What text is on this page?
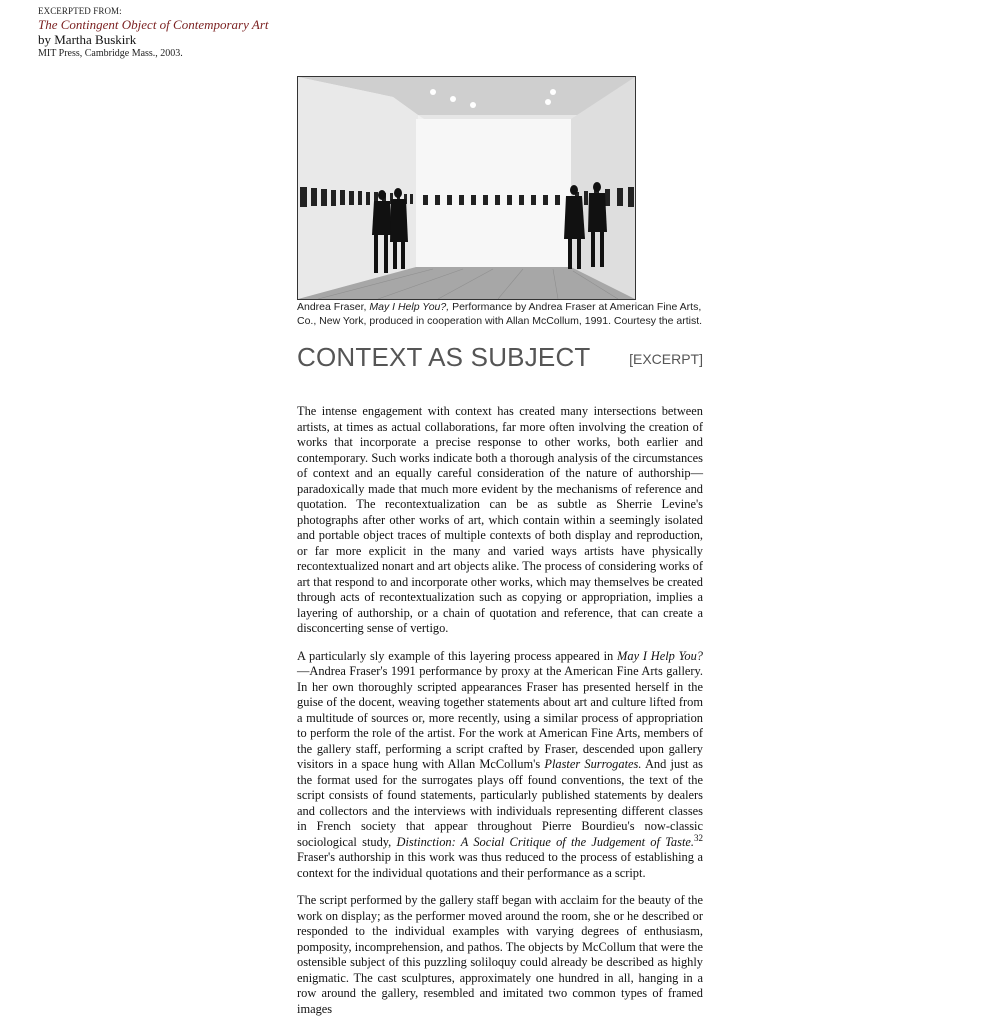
EXCERPTED FROM:
The Contingent Object of Contemporary Art
by Martha Buskirk
MIT Press, Cambridge Mass., 2003.
Andrea Fraser, May I Help You?, Performance by Andrea Fraser at American Fine Arts, Co., New York, produced in cooperation with Allan McCollum, 1991. Courtesy the artist.
CONTEXT AS SUBJECT	[EXCERPT]

The intense engagement with context has created many intersections between artists, at times as actual collaborations, far more often involving the creation of works that incorporate a precise response to other works, both earlier and contemporary. Such works indicate both a thorough analysis of the circumstances of context and an equally careful consideration of the nature of authorship—paradoxically made that much more evident by the mechanisms of reference and quotation. The recontextualization can be as subtle as Sherrie Levine's photographs after other works of art, which contain within a seemingly isolated and portable object traces of multiple contexts of both display and reproduction, or far more explicit in the many and varied ways artists have physically recontextualized nonart and art objects alike. The process of considering works of art that respond to and incorporate other works, which may themselves be created through acts of recontextualization such as copying or appropriation, implies a layering of authorship, or a chain of quotation and reference, that can create a disconcerting sense of vertigo.

A particularly sly example of this layering process appeared in May I Help You? —Andrea Fraser's 1991 performance by proxy at the American Fine Arts gallery. In her own thoroughly scripted appearances Fraser has presented herself in the guise of the docent, weaving together statements about art and culture lifted from a multitude of sources or, more recently, using a similar process of appropriation to perform the role of the artist. For the work at American Fine Arts, members of the gallery staff, performing a script crafted by Fraser, descended upon gallery visitors in a space hung with Allan McCollum's Plaster Surrogates. And just as the format used for the surrogates plays off found conventions, the text of the script consists of found statements, particularly published statements by dealers and collectors and the interviews with individuals representing different classes in French society that appear throughout Pierre Bourdieu's now-classic sociological study, Distinction: A Social Critique of the Judgement of Taste.$^{32}$ Fraser's authorship in this work was thus reduced to the process of establishing a context for the individual quotations and their performance as a script.

The script performed by the gallery staff began with acclaim for the beauty of the work on display; as the performer moved around the room, she or he described or responded to the individual examples with varying degrees of enthusiasm, pomposity, incomprehension, and pathos. The objects by McCollum that were the ostensible subject of this puzzling soliloquy could already be described as highly enigmatic. The cast sculptures, approximately one hundred in all, hanging in a row around the gallery, resembled and imitated two common types of framed images
